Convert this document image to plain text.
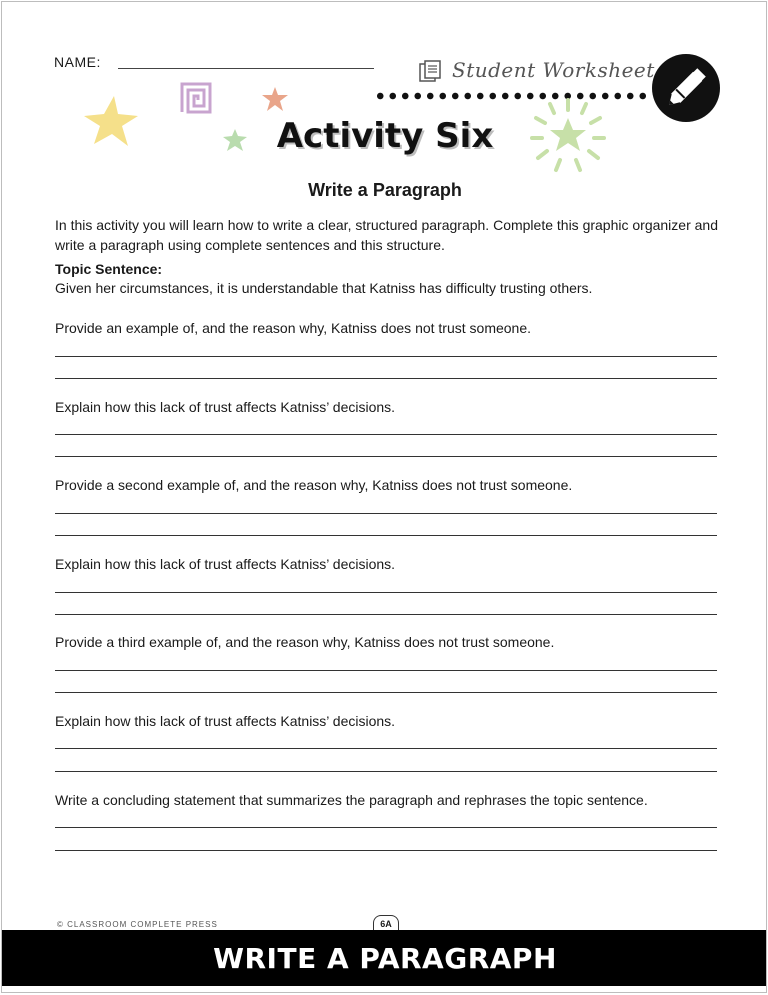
NAME:	Student Worksheet
Activity Six
Write a Paragraph

In this activity you will learn how to write a clear, structured paragraph. Complete this graphic organizer and write a paragraph using complete sentences and this structure.

Topic Sentence:

Given her circumstances, it is understandable that Katniss has difficulty trusting others.

Provide an example of, and the reason why, Katniss does not trust someone.

Explain how this lack of trust affects Katniss’ decisions.

Provide a second example of, and the reason why, Katniss does not trust someone.

Explain how this lack of trust affects Katniss’ decisions.

Provide a third example of, and the reason why, Katniss does not trust someone.

Explain how this lack of trust affects Katniss’ decisions.

Write a concluding statement that summarizes the paragraph and rephrases the topic sentence.

© CLASSROOM COMPLETE PRESS	6A
WRITE A PARAGRAPH
